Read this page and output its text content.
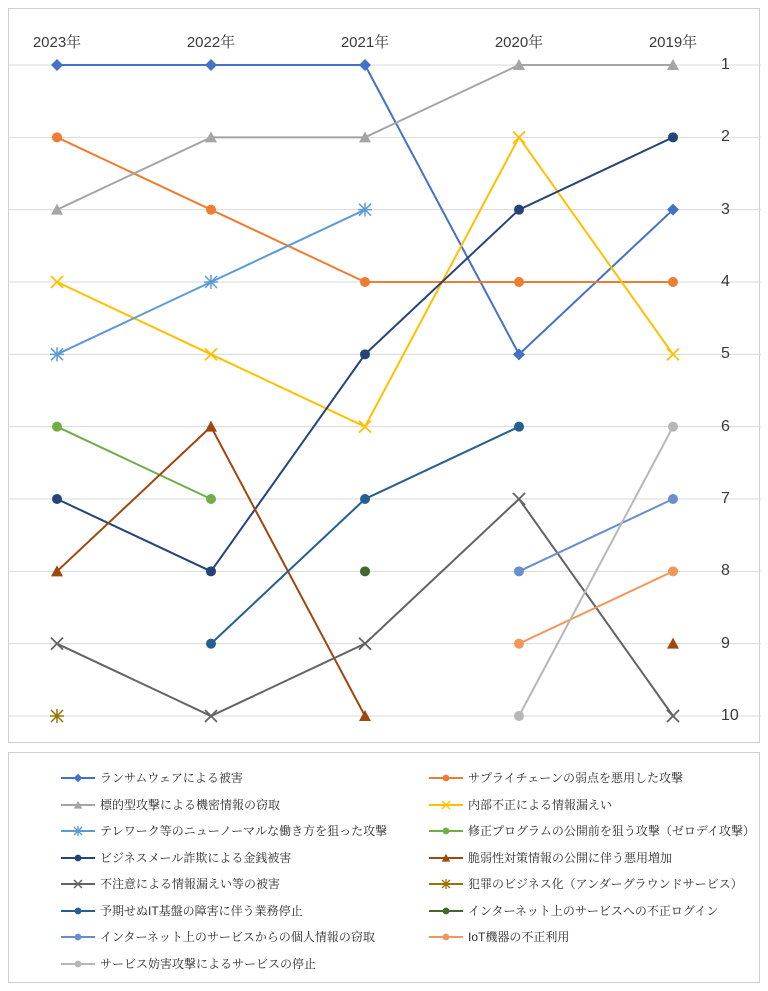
2023年	2022年	2021年	2020年	2019年
1
2
3
4
5
6
7
8
9
10
ランサムウェアによる被害	サプライチェーンの弱点を悪用した攻撃
標的型攻撃による機密情報の窃取	内部不正による情報漏えい
テレワーク等のニューノーマルな働き方を狙った攻撃	修正プログラムの公開前を狙う攻撃（ゼロデイ攻撃）
ビジネスメール詐欺による金銭被害	脆弱性対策情報の公開に伴う悪用増加
不注意による情報漏えい等の被害	犯罪のビジネス化（アンダーグラウンドサービス）
予期せぬIT基盤の障害に伴う業務停止	インターネット上のサービスへの不正ログイン
インターネット上のサービスからの個人情報の窃取	IoT機器の不正利用
サービス妨害攻撃によるサービスの停止
